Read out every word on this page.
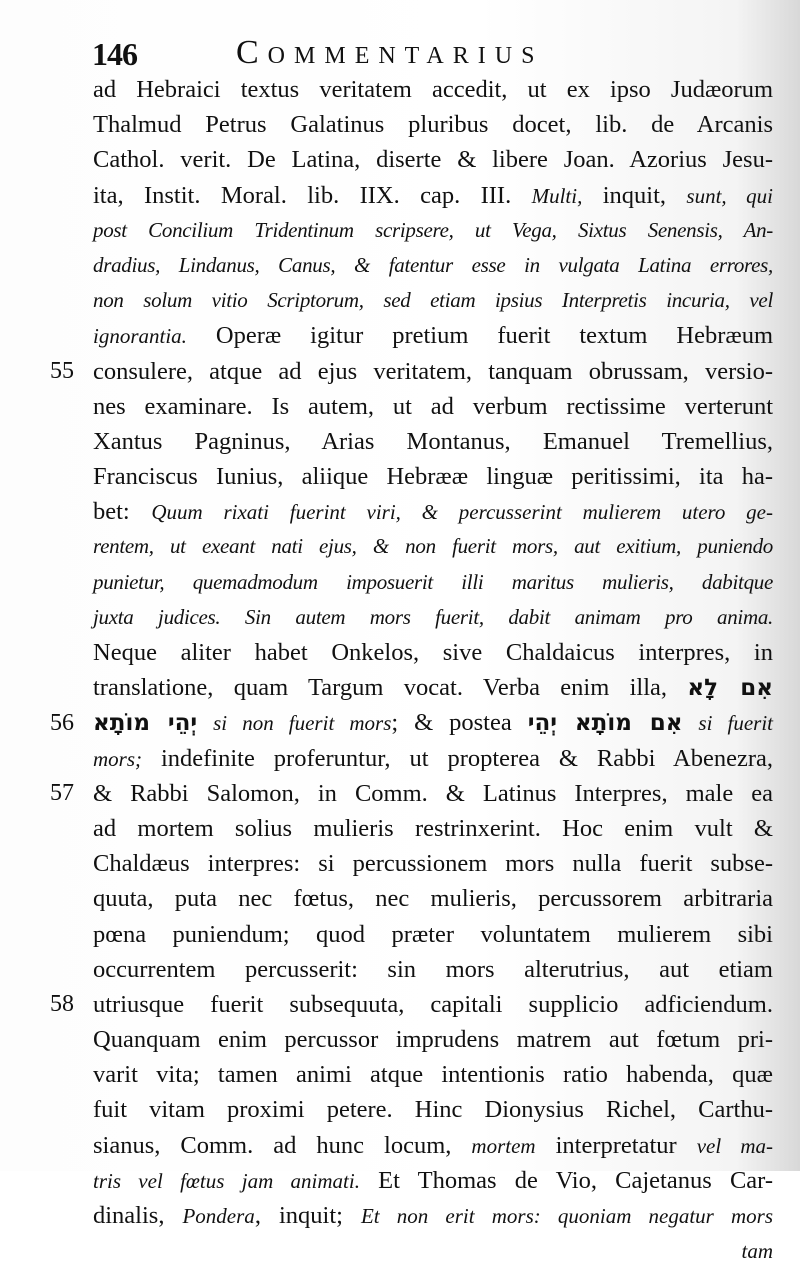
146	Commentarius
ad Hebraici textus veritatem accedit, ut ex ipso Judæorum
Thalmud Petrus Galatinus pluribus docet, lib. de Arcanis
Cathol. verit. De Latina, diserte & libere Joan. Azorius Jesu-
ita, Instit. Moral. lib. IIX. cap. III. Multi, inquit, sunt, qui
post Concilium Tridentinum scripsere, ut Vega, Sixtus Senensis, An-
dradius, Lindanus, Canus, & fatentur esse in vulgata Latina errores,
non solum vitio Scriptorum, sed etiam ipsius Interpretis incuria, vel
ignorantia. Operæ igitur pretium fuerit textum Hebræum
consulere, atque ad ejus veritatem, tanquam obrussam, versio-
nes examinare. Is autem, ut ad verbum rectissime verterunt
Xantus Pagninus, Arias Montanus, Emanuel Tremellius,
Franciscus Iunius, aliique Hebrææ linguæ peritissimi, ita ha-
bet: Quum rixati fuerint viri, & percusserint mulierem utero ge-
rentem, ut exeant nati ejus, & non fuerit mors, aut exitium, puniendo
punietur, quemadmodum imposuerit illi maritus mulieris, dabitque
juxta judices. Sin autem mors fuerit, dabit animam pro anima.
Neque aliter habet Onkelos, sive Chaldaicus interpres, in
translatione, quam Targum vocat. Verba enim illa, אִם לָא
יְהֵי מוֹתָא si non fuerit mors; & postea אִם מוֹתָא יְהֵי si fuerit
mors; indefinite proferuntur, ut propterea & Rabbi Abenezra,
& Rabbi Salomon, in Comm. & Latinus Interpres, male ea
ad mortem solius mulieris restrinxerint. Hoc enim vult &
Chaldæus interpres: si percussionem mors nulla fuerit subse-
quuta, puta nec fœtus, nec mulieris, percussorem arbitraria
pœna puniendum; quod præter voluntatem mulierem sibi
occurrentem percusserit: sin mors alterutrius, aut etiam
utriusque fuerit subsequuta, capitali supplicio adficiendum.
Quanquam enim percussor imprudens matrem aut fœtum pri-
varit vita; tamen animi atque intentionis ratio habenda, quæ
fuit vitam proximi petere. Hinc Dionysius Richel, Carthu-
sianus, Comm. ad hunc locum, mortem interpretatur vel ma-
tris vel fœtus jam animati. Et Thomas de Vio, Cajetanus Car-
dinalis, Pondera, inquit; Et non erit mors: quoniam negatur mors
tam
55
56
57
58
